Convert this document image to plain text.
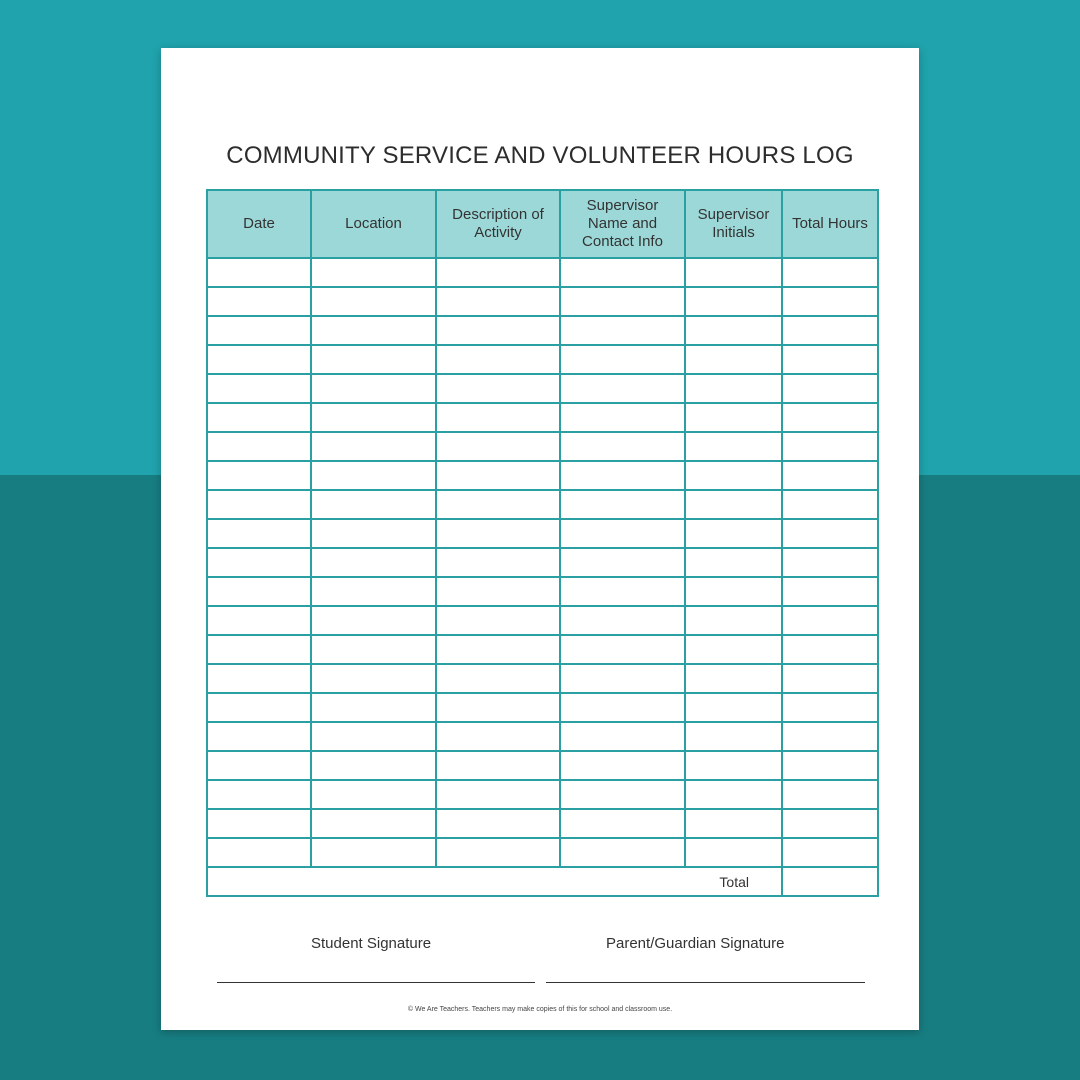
COMMUNITY SERVICE AND VOLUNTEER HOURS LOG
Date	Location	Description of Activity	Supervisor Name and Contact Info	Supervisor Initials	Total Hours

Total					
Student Signature	Parent/Guardian Signature
© We Are Teachers. Teachers may make copies of this for school and classroom use.
